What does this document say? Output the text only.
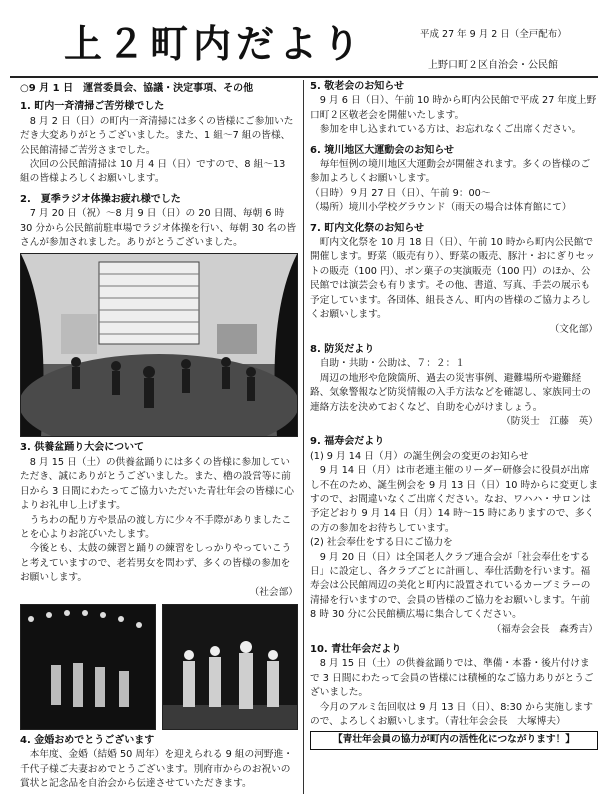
上２町内だより	平成 27 年 9 月 2 日（全戸配布）
上野口町２区自治会・公民館
○9 月 1 日　運営委員会、協議・決定事項、その他
1. 町内一斉清掃ご苦労様でした

8 月 2 日（日）の町内一斉清掃には多くの皆様にご参加いただき大変ありがとうございました。また、1 組～7 組の皆様、公民館清掃ご苦労さまでした。

次回の公民館清掃は 10 月 4 日（日）ですので、8 組～13 組の皆様よろしくお願いします。

2.　夏季ラジオ体操お疲れ様でした

7 月 20 日（祝）～8 月 9 日（日）の 20 日間、毎朝 6 時 30 分から公民館前駐車場でラジオ体操を行い、毎朝 30 名の皆さんが参加されました。ありがとうございました。

3. 供養盆踊り大会について

8 月 15 日（土）の供養盆踊りには多くの皆様に参加していただき、誠にありがとうございました。また、櫓の設営等に前日から 3 日間にわたってご協力いただいた青壮年会の皆様に心よりお礼申し上げます。

うちわの配り方や景品の渡し方に少々不手際がありましたことを心よりお詫びいたします。

今後とも、太鼓の練習と踊りの練習をしっかりやっていこうと考えていますので、老若男女を問わず、多くの皆様の参加をお願いします。

（社会部）
4. 金婚おめでとうございます

本年度、金婚（結婚 50 周年）を迎えられる 9 組の河野進・千代子様ご夫妻おめでとうございます。別府市からのお祝いの賞状と記念品を自治会から伝達させていただきます。

5. 敬老会のお知らせ

9 月 6 日（日）、午前 10 時から町内公民館で平成 27 年度上野口町２区敬老会を開催いたします。

参加を申し込まれている方は、お忘れなくご出席ください。

6. 境川地区大運動会のお知らせ

毎年恒例の境川地区大運動会が開催されます。多くの皆様のご参加よろしくお願いします。

（日時）９月 27 日（日）、午前 9：00～

（場所）境川小学校グラウンド（雨天の場合は体育館にて）

7. 町内文化祭のお知らせ

町内文化祭を 10 月 18 日（日）、午前 10 時から町内公民館で開催します。野菜（販売有り）、野菜の販売、豚汁・おにぎりセットの販売（100 円）、ポン菓子の実演販売（100 円）のほか、公民館では演芸会も有ります。その他、書道、写真、手芸の展示も予定しています。各団体、組長さん、町内の皆様のご協力よろしくお願いします。

（文化部）
8. 防災だより

自助・共助・公助は、７：２：１

周辺の地形や危険箇所、過去の災害事例、避難場所や避難経路、気象警報など防災情報の入手方法などを確認し、家族同士の連絡方法を決めておくなど、自助を心がけましょう。

（防災士　江藤　英）
9. 福寿会だより

(1) 9 月 14 日（月）の誕生例会の変更のお知らせ

9 月 14 日（月）は市老連主催のリーダー研修会に役員が出席し不在のため、誕生例会を 9 月 13 日（日）10 時からに変更しますので、お間違いなくご出席ください。なお、ワハハ・サロンは予定どおり 9 月 14 日（月）14 時～15 時にありますので、多くの方の参加をお待ちしています。

(2) 社会奉仕をする日にご協力を

9 月 20 日（日）は全国老人クラブ連合会が「社会奉仕をする日」に設定し、各クラブごとに計画し、奉仕活動を行います。福寿会は公民館周辺の美化と町内に設置されているカーブミラーの清掃を行いますので、会員の皆様のご協力をお願いします。午前 8 時 30 分に公民館横広場に集合してください。

（福寿会会長　森秀吉）
10. 青壮年会だより

8 月 15 日（土）の供養盆踊りでは、準備・本番・後片付けまで 3 日間にわたって会員の皆様には積極的なご協力ありがとうございました。

今月のアルミ缶回収は 9 月 13 日（日）、8:30 から実施しますので、よろしくお願いします。（青壮年会会長　大塚博夫）

【青壮年会員の協力が町内の活性化につながります！】
